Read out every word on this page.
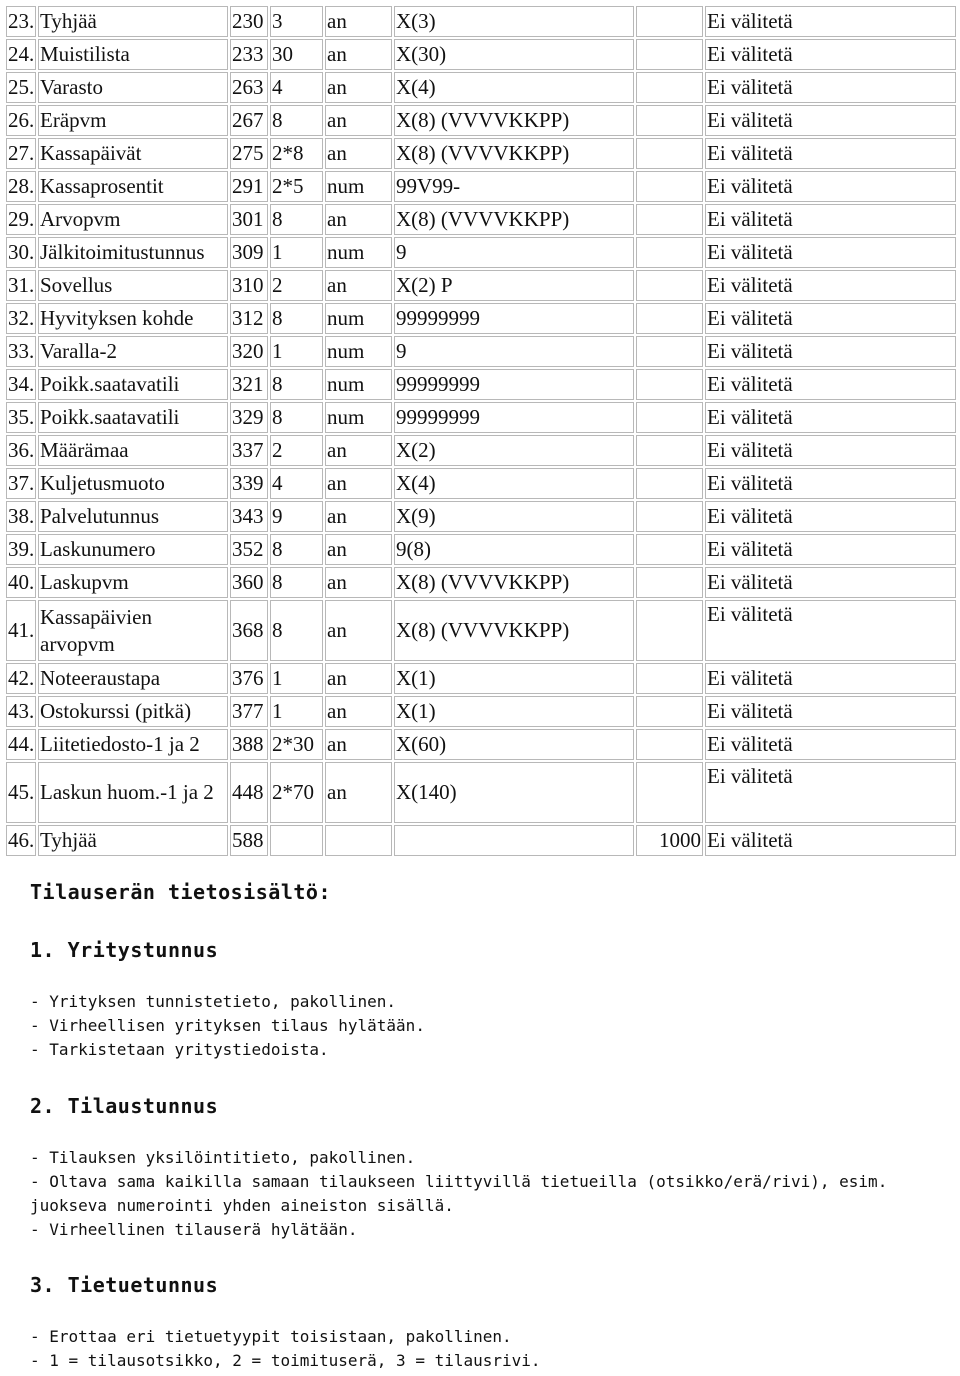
23.	Tyhjää	230	3	an	X(3)		Ei välitetä
24.	Muistilista	233	30	an	X(30)		Ei välitetä
25.	Varasto	263	4	an	X(4)		Ei välitetä
26.	Eräpvm	267	8	an	X(8) (VVVVKKPP)		Ei välitetä
27.	Kassapäivät	275	2*8	an	X(8) (VVVVKKPP)		Ei välitetä
28.	Kassaprosentit	291	2*5	num	99V99-		Ei välitetä
29.	Arvopvm	301	8	an	X(8) (VVVVKKPP)		Ei välitetä
30.	Jälkitoimitustunnus	309	1	num	9		Ei välitetä
31.	Sovellus	310	2	an	X(2) P		Ei välitetä
32.	Hyvityksen kohde	312	8	num	99999999		Ei välitetä
33.	Varalla-2	320	1	num	9		Ei välitetä
34.	Poikk.saatavatili	321	8	num	99999999		Ei välitetä
35.	Poikk.saatavatili	329	8	num	99999999		Ei välitetä
36.	Määrämaa	337	2	an	X(2)		Ei välitetä
37.	Kuljetusmuoto	339	4	an	X(4)		Ei välitetä
38.	Palvelutunnus	343	9	an	X(9)		Ei välitetä
39.	Laskunumero	352	8	an	9(8)		Ei välitetä
40.	Laskupvm	360	8	an	X(8) (VVVVKKPP)		Ei välitetä
41.	Kassapäivien arvopvm	368	8	an	X(8) (VVVVKKPP)		Ei välitetä
42.	Noteeraustapa	376	1	an	X(1)		Ei välitetä
43.	Ostokurssi (pitkä)	377	1	an	X(1)		Ei välitetä
44.	Liitetiedosto-1 ja 2	388	2*30	an	X(60)		Ei välitetä
45.	Laskun huom.-1 ja 2	448	2*70	an	X(140)		Ei välitetä
46.	Tyhjää	588				1000	Ei välitetä
Tilauserän tietosisältö:
1. Yritystunnus
- Yrityksen tunnistetieto, pakollinen.
- Virheellisen yrityksen tilaus hylätään.
- Tarkistetaan yritystiedoista.
2. Tilaustunnus
- Tilauksen yksilöintitieto, pakollinen.
- Oltava sama kaikilla samaan tilaukseen liittyvillä tietueilla (otsikko/erä/rivi), esim.
juokseva numerointi yhden aineiston sisällä.
- Virheellinen tilauserä hylätään.
3. Tietuetunnus
- Erottaa eri tietuetyypit toisistaan, pakollinen.
- 1 = tilausotsikko, 2 = toimituserä, 3 = tilausrivi.
